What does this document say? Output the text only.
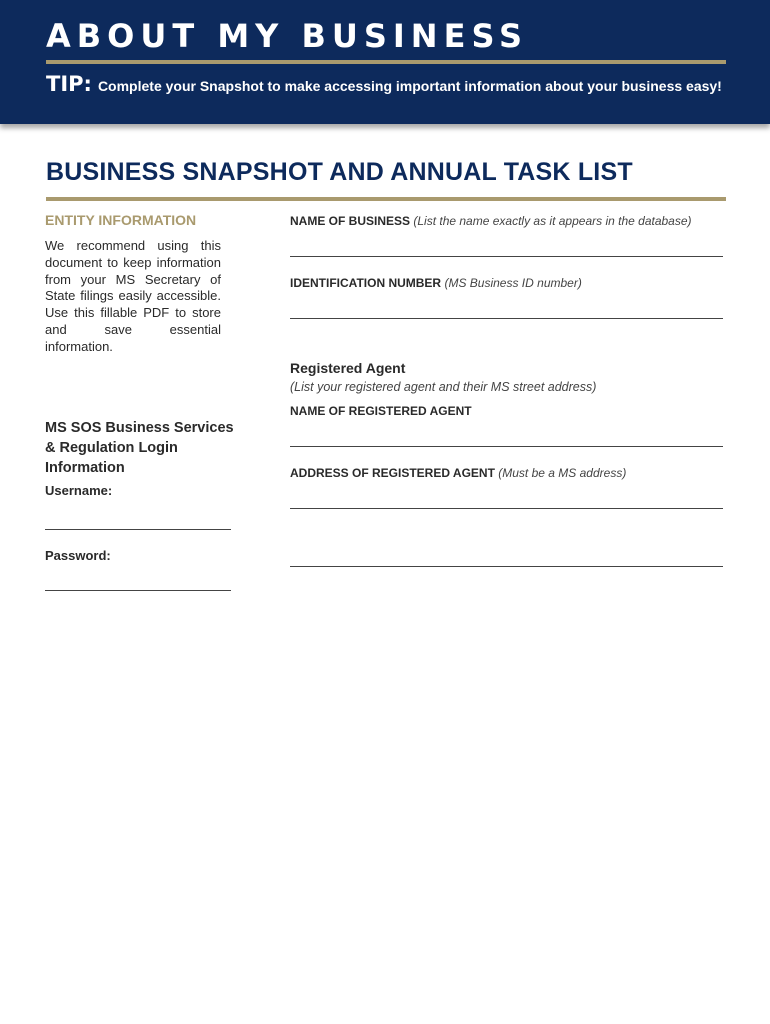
ABOUT MY BUSINESS
TIP: Complete your Snapshot to make accessing important information about your business easy!
BUSINESS SNAPSHOT AND ANNUAL TASK LIST

ENTITY INFORMATION

We recommend using this document to keep information from your MS Secretary of State filings easily accessible. Use this fillable PDF to store and save essential information.

MS SOS Business Services & Regulation Login Information

Username:
Password:
NAME OF BUSINESS (List the name exactly as it appears in the database)
IDENTIFICATION NUMBER (MS Business ID number)
Registered Agent
(List your registered agent and their MS street address)
NAME OF REGISTERED AGENT
ADDRESS OF REGISTERED AGENT (Must be a MS address)
